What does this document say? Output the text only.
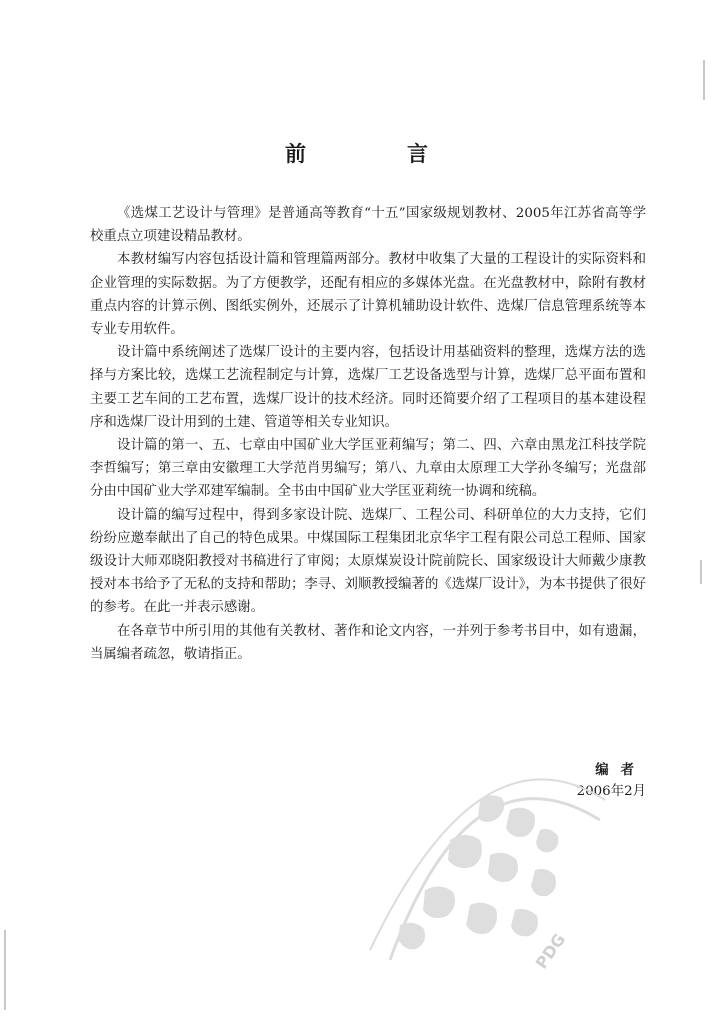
前　言

《选煤工艺设计与管理》是普通高等教育“十五”国家级规划教材、2005年江苏省高等学校重点立项建设精品教材。

本教材编写内容包括设计篇和管理篇两部分。教材中收集了大量的工程设计的实际资料和企业管理的实际数据。为了方便教学，还配有相应的多媒体光盘。在光盘教材中，除附有教材重点内容的计算示例、图纸实例外，还展示了计算机辅助设计软件、选煤厂信息管理系统等本专业专用软件。

设计篇中系统阐述了选煤厂设计的主要内容，包括设计用基础资料的整理，选煤方法的选择与方案比较，选煤工艺流程制定与计算，选煤厂工艺设备选型与计算，选煤厂总平面布置和主要工艺车间的工艺布置，选煤厂设计的技术经济。同时还简要介绍了工程项目的基本建设程序和选煤厂设计用到的土建、管道等相关专业知识。

设计篇的第一、五、七章由中国矿业大学匡亚莉编写；第二、四、六章由黑龙江科技学院李哲编写；第三章由安徽理工大学范肖男编写；第八、九章由太原理工大学孙冬编写；光盘部分由中国矿业大学邓建军编制。全书由中国矿业大学匡亚莉统一协调和统稿。

设计篇的编写过程中，得到多家设计院、选煤厂、工程公司、科研单位的大力支持，它们纷纷应邀奉献出了自己的特色成果。中煤国际工程集团北京华宇工程有限公司总工程师、国家级设计大师邓晓阳教授对书稿进行了审阅；太原煤炭设计院前院长、国家级设计大师戴少康教授对本书给予了无私的支持和帮助；李寻、刘顺教授编著的《选煤厂设计》，为本书提供了很好的参考。在此一并表示感谢。

在各章节中所引用的其他有关教材、著作和论文内容，一并列于参考书目中，如有遗漏，当属编者疏忽，敬请指正。

编者
2006年2月
PDG
